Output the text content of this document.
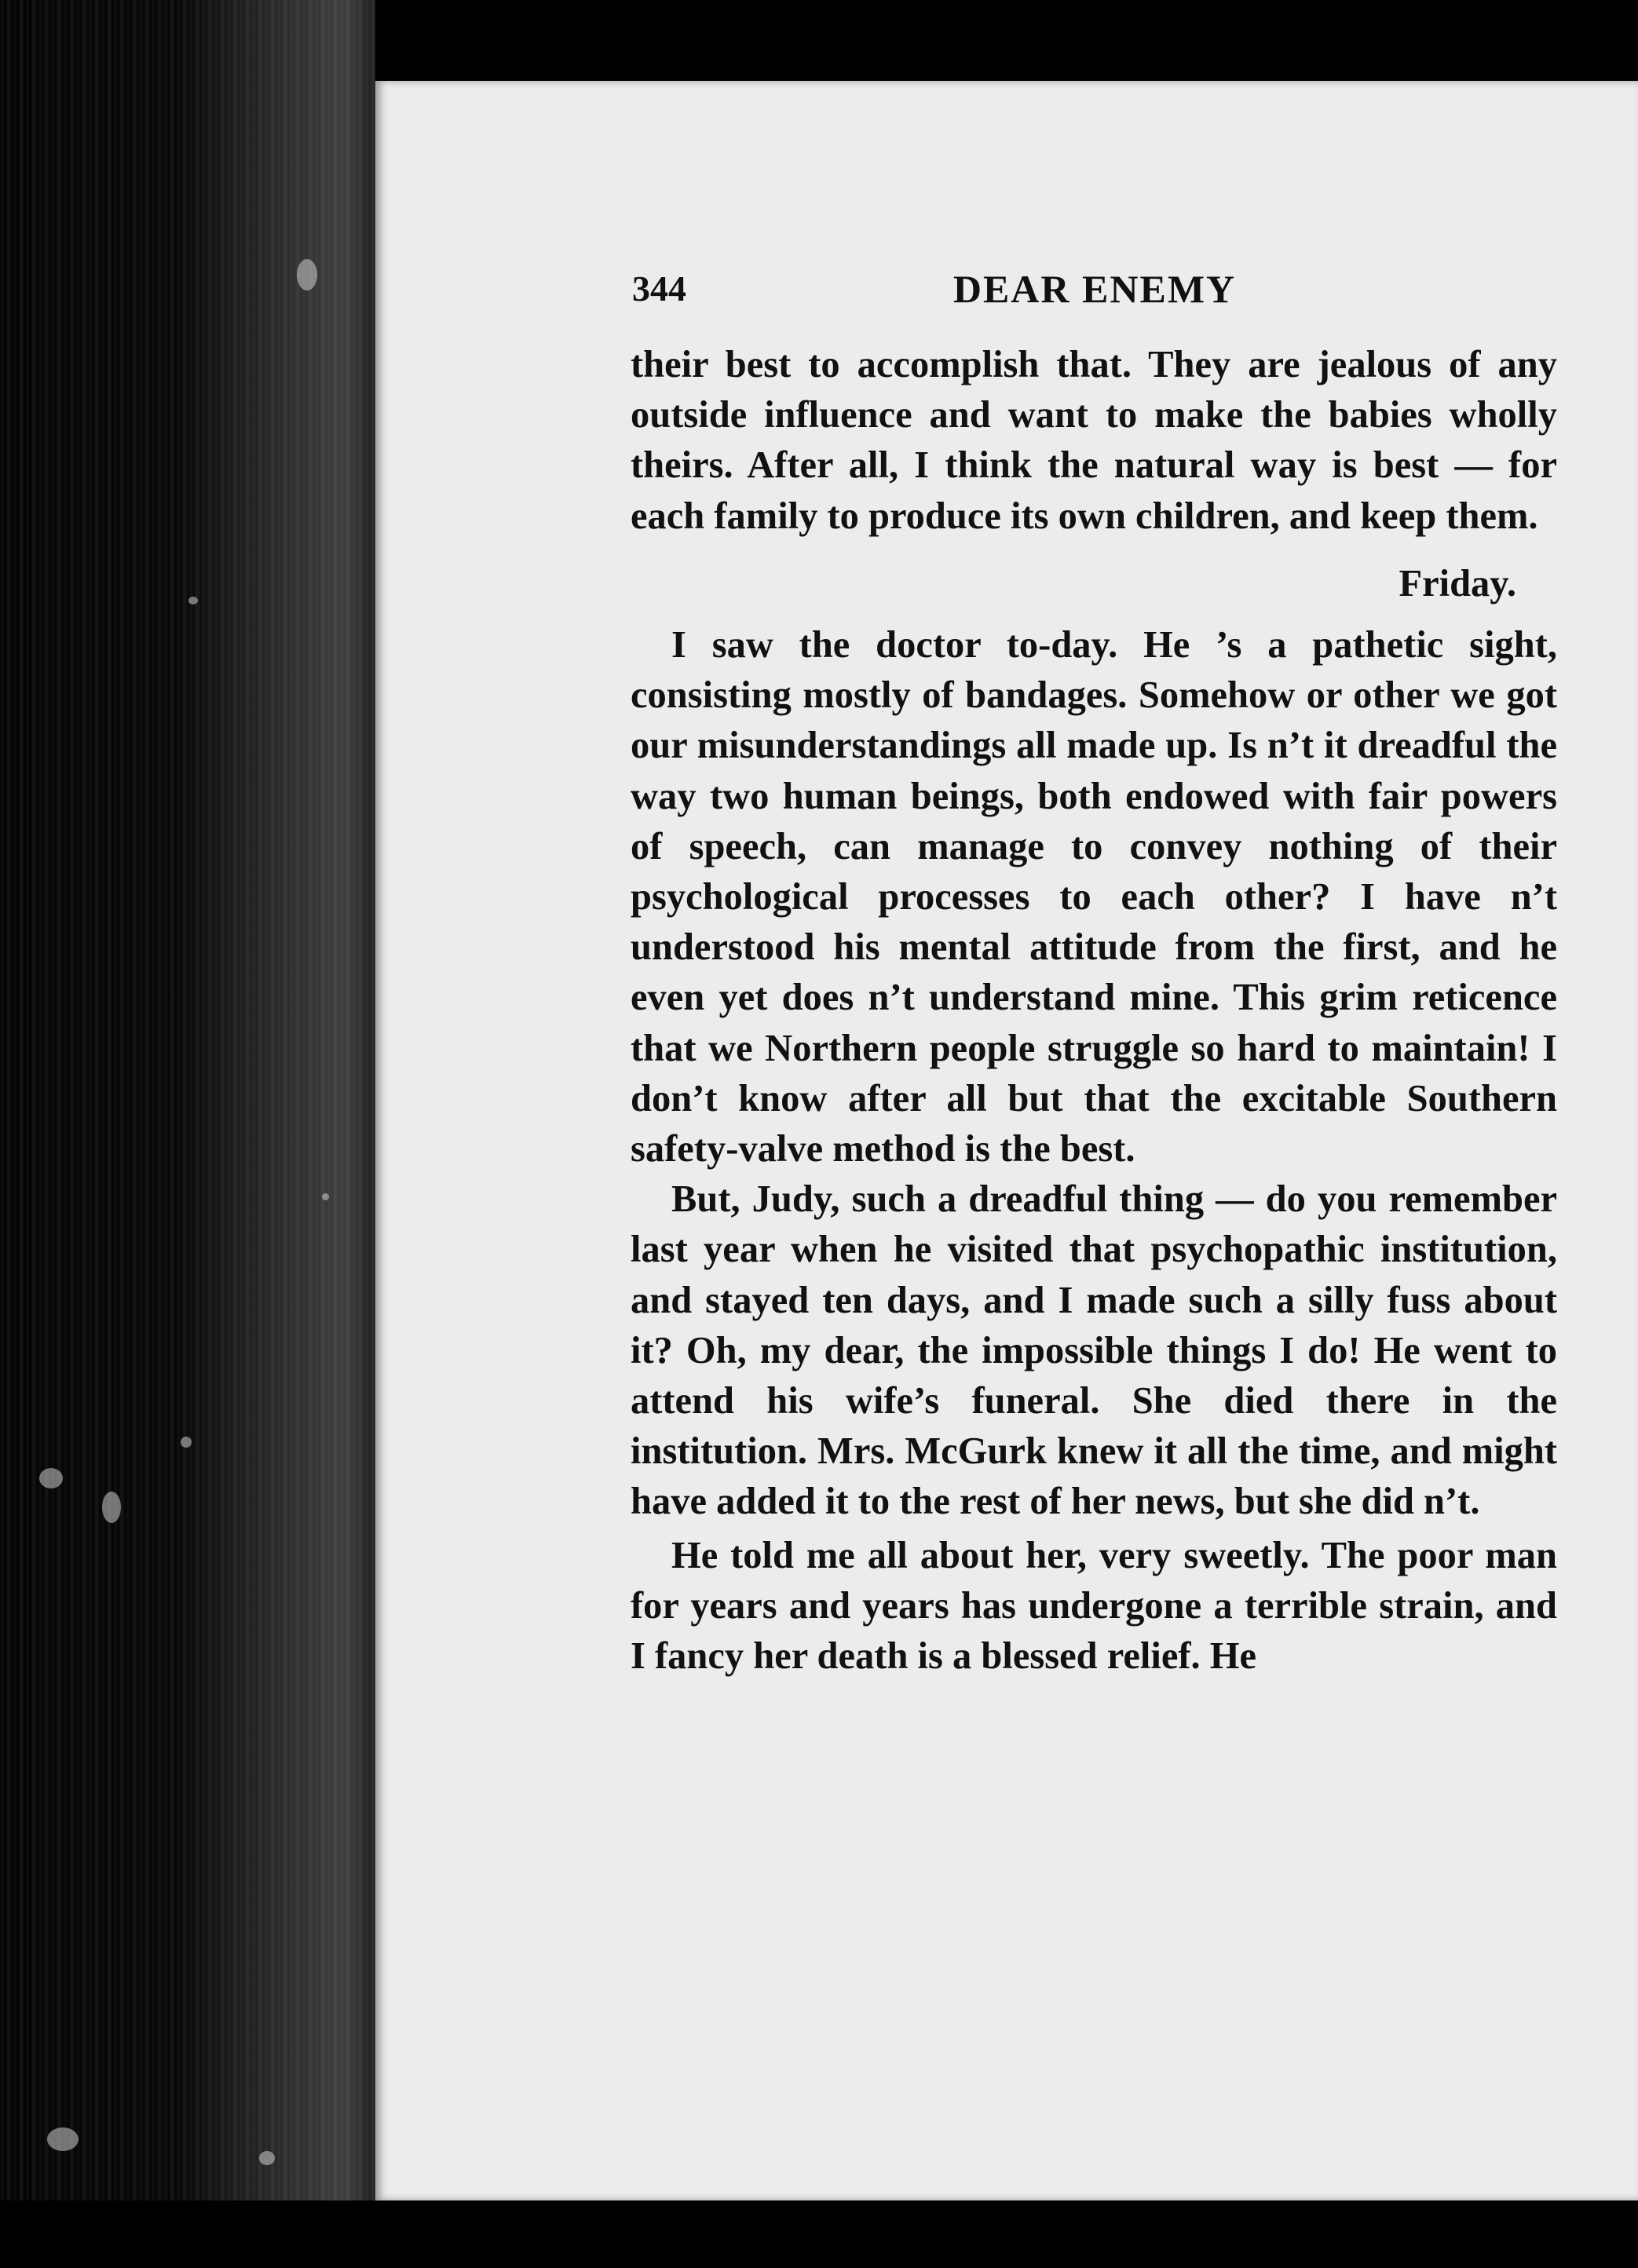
344	DEAR ENEMY

their best to accomplish that. They are jealous of any outside influence and want to make the babies wholly theirs. After all, I think the natural way is best — for each family to produce its own children, and keep them.

Friday.

I saw the doctor to-day. He ’s a pathetic sight, consisting mostly of bandages. Somehow or other we got our misunderstandings all made up. Is n’t it dreadful the way two human beings, both endowed with fair powers of speech, can manage to convey nothing of their psychological processes to each other? I have n’t understood his mental attitude from the first, and he even yet does n’t understand mine. This grim reticence that we Northern people struggle so hard to maintain! I don’t know after all but that the excitable Southern safety-valve method is the best.

But, Judy, such a dreadful thing — do you remember last year when he visited that psychopathic institution, and stayed ten days, and I made such a silly fuss about it? Oh, my dear, the impossible things I do! He went to attend his wife’s funeral. She died there in the institution. Mrs. McGurk knew it all the time, and might have added it to the rest of her news, but she did n’t.

He told me all about her, very sweetly. The poor man for years and years has undergone a terrible strain, and I fancy her death is a blessed relief. He
